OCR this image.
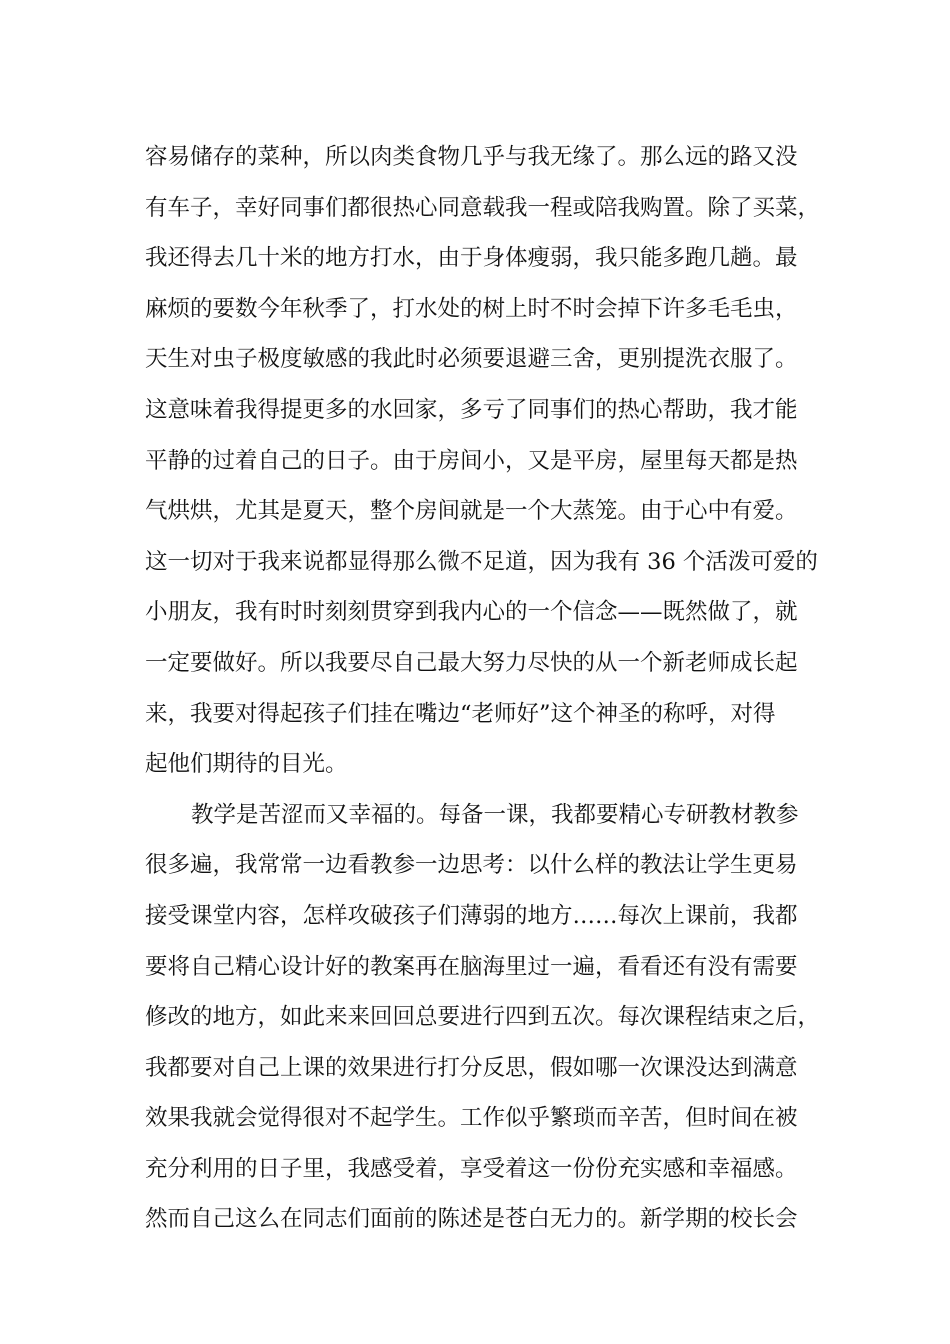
容易储存的菜种，所以肉类食物几乎与我无缘了。那么远的路又没
有车子，幸好同事们都很热心同意载我一程或陪我购置。除了买菜，
我还得去几十米的地方打水，由于身体瘦弱，我只能多跑几趟。最
麻烦的要数今年秋季了，打水处的树上时不时会掉下许多毛毛虫，
天生对虫子极度敏感的我此时必须要退避三舍，更别提洗衣服了。
这意味着我得提更多的水回家，多亏了同事们的热心帮助，我才能
平静的过着自己的日子。由于房间小，又是平房，屋里每天都是热
气烘烘，尤其是夏天，整个房间就是一个大蒸笼。由于心中有爱。
这一切对于我来说都显得那么微不足道，因为我有 36 个活泼可爱的
小朋友，我有时时刻刻贯穿到我内心的一个信念——既然做了，就
一定要做好。所以我要尽自己最大努力尽快的从一个新老师成长起
来，我要对得起孩子们挂在嘴边“老师好”这个神圣的称呼，对得
起他们期待的目光。
教学是苦涩而又幸福的。每备一课，我都要精心专研教材教参
很多遍，我常常一边看教参一边思考：以什么样的教法让学生更易
接受课堂内容，怎样攻破孩子们薄弱的地方……每次上课前，我都
要将自己精心设计好的教案再在脑海里过一遍，看看还有没有需要
修改的地方，如此来来回回总要进行四到五次。每次课程结束之后，
我都要对自己上课的效果进行打分反思，假如哪一次课没达到满意
效果我就会觉得很对不起学生。工作似乎繁琐而辛苦，但时间在被
充分利用的日子里，我感受着，享受着这一份份充实感和幸福感。
然而自己这么在同志们面前的陈述是苍白无力的。新学期的校长会
